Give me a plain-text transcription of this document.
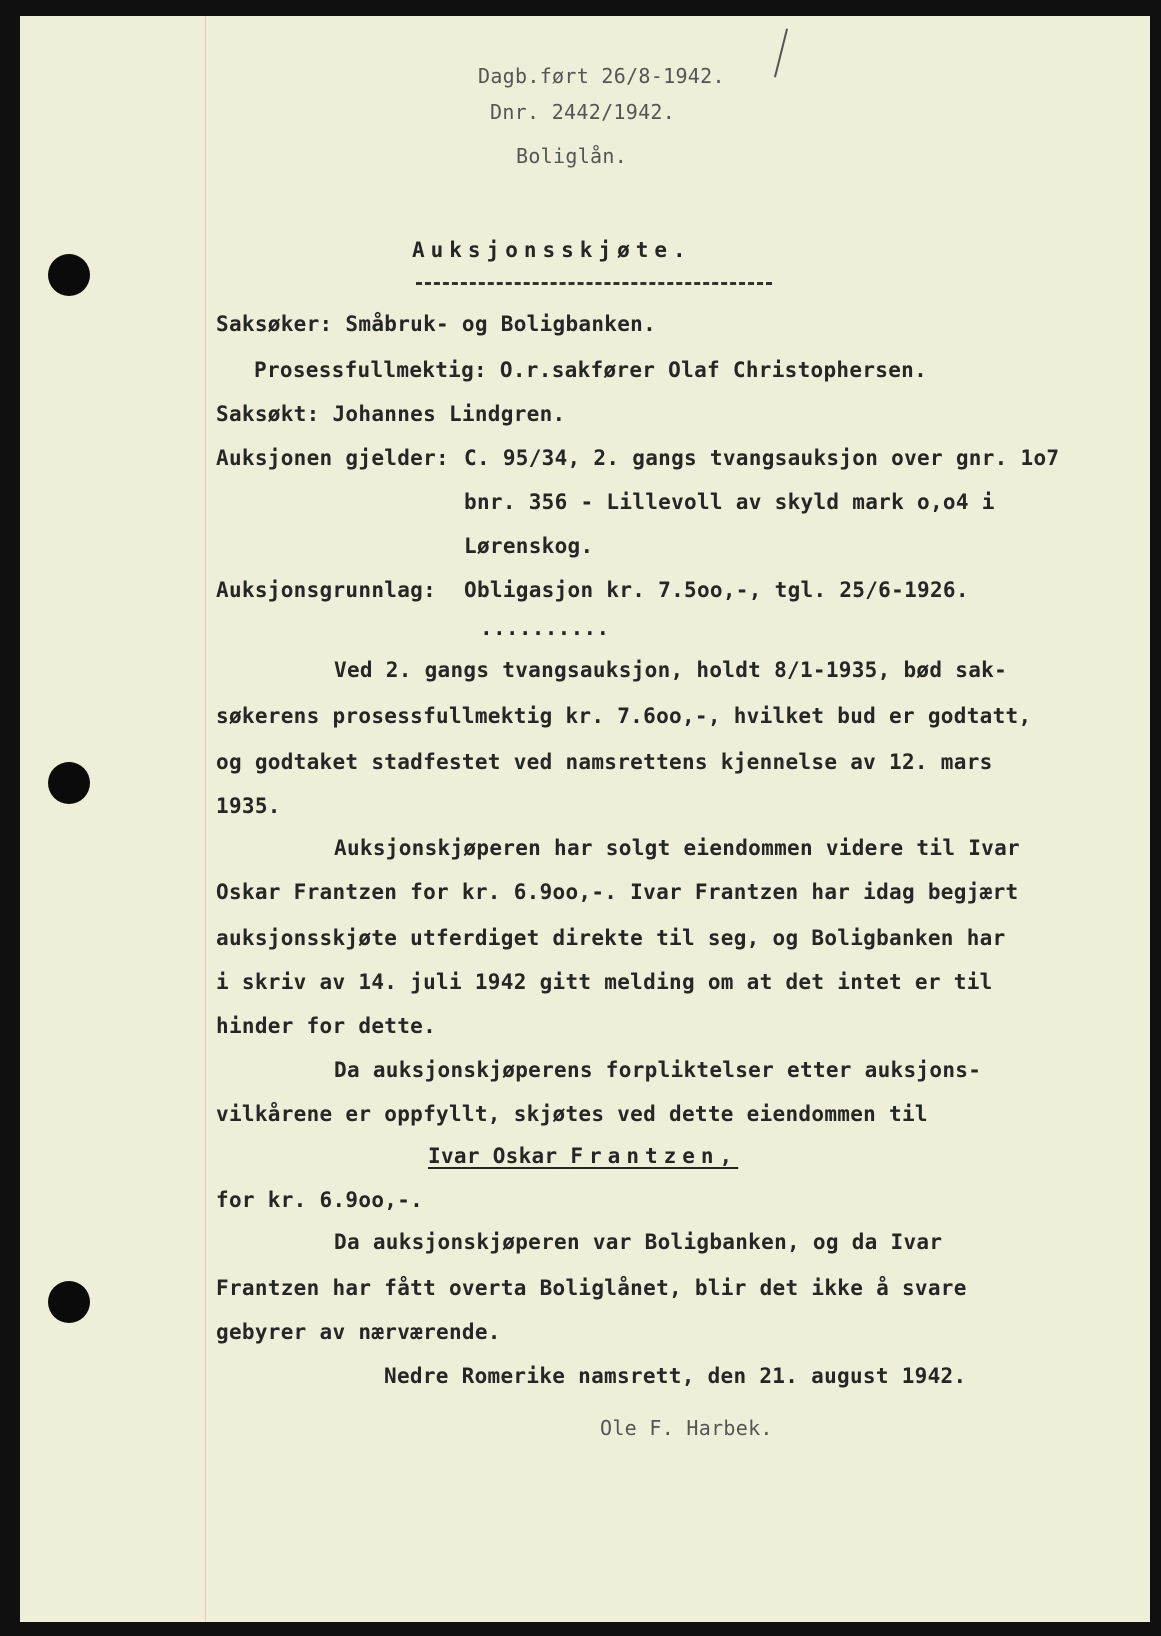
Dagb.ført 26/8-1942.
Dnr. 2442/1942.
Boliglån.
Auksjonsskjøte.
Saksøker: Småbruk- og Boligbanken.
Prosessfullmektig: O.r.sakfører Olaf Christophersen.
Saksøkt: Johannes Lindgren.
Auksjonen gjelder: C. 95/34, 2. gangs tvangsauksjon over gnr. 1o7
bnr. 356 - Lillevoll av skyld mark o,o4 i
Lørenskog.
Auksjonsgrunnlag: Obligasjon kr. 7.5oo,-, tgl. 25/6-1926.
..........
Ved 2. gangs tvangsauksjon, holdt 8/1-1935, bød sak-
søkerens prosessfullmektig kr. 7.6oo,-, hvilket bud er godtatt,
og godtaket stadfestet ved namsrettens kjennelse av 12. mars
1935.
Auksjonskjøperen har solgt eiendommen videre til Ivar
Oskar Frantzen for kr. 6.9oo,-. Ivar Frantzen har idag begjært
auksjonsskjøte utferdiget direkte til seg, og Boligbanken har
i skriv av 14. juli 1942 gitt melding om at det intet er til
hinder for dette.
Da auksjonskjøperens forpliktelser etter auksjons-
vilkårene er oppfyllt, skjøtes ved dette eiendommen til
Ivar Oskar Frantzen,
for kr. 6.9oo,-.
Da auksjonskjøperen var Boligbanken, og da Ivar
Frantzen har fått overta Boliglånet, blir det ikke å svare
gebyrer av nærværende.
Nedre Romerike namsrett, den 21. august 1942.
Ole F. Harbek.
